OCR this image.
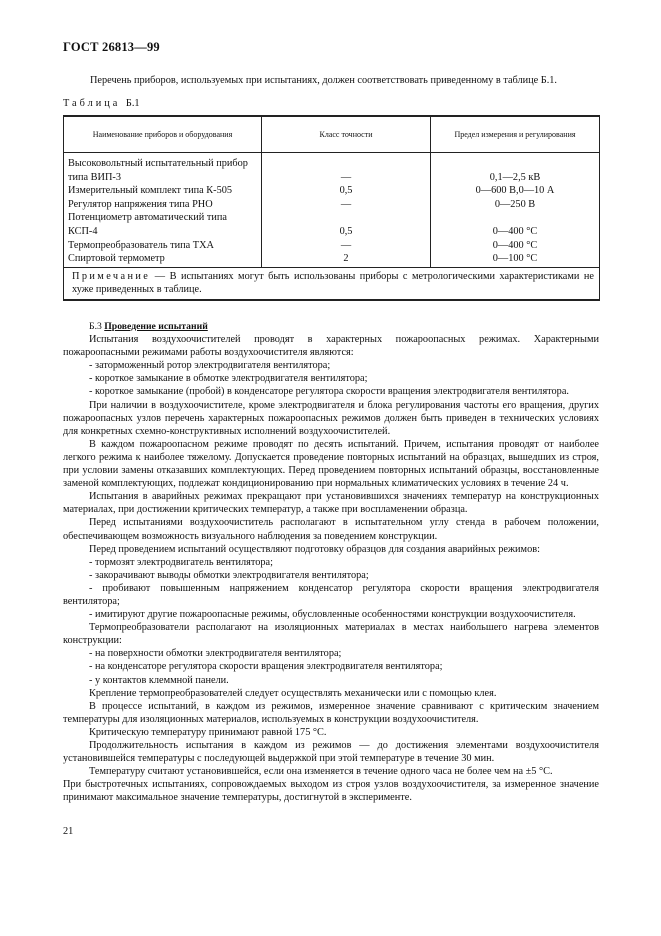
ГОСТ 26813—99
Перечень приборов, используемых при испытаниях, должен соответствовать приведенному в таблице Б.1.
Таблица Б.1
Наименование приборов и оборудования	Класс точности	Предел измерения и регулирования
Высоковольтный испытательный прибор типа ВИП-3	—	0,1—2,5 кВ
Измерительный комплект типа К-505	0,5	0—600 В,0—10 А
Регулятор напряжения типа РНО	—	0—250 В
Потенциометр автоматический типа КСП-4	0,5	0—400 °С
Термопреобразователь типа ТХА	—	0—400 °С
Спиртовой термометр	2	0—100 °С
Примечание — В испытаниях могут быть использованы приборы с метрологическими характеристиками не хуже приведенных в таблице.		

Б.3 Проведение испытаний

Испытания воздухоочистителей проводят в характерных пожароопасных режимах. Характерными пожароопасными режимами работы воздухоочистителя являются:

- заторможенный ротор электродвигателя вентилятора;

- короткое замыкание в обмотке электродвигателя вентилятора;

- короткое замыкание (пробой) в конденсаторе регулятора скорости вращения электродвигателя вентилятора.

При наличии в воздухоочистителе, кроме электродвигателя и блока регулирования частоты его вращения, других пожароопасных узлов перечень характерных пожароопасных режимов должен быть приведен в технических условиях для конкретных схемно-конструктивных исполнений воздухоочистителей.

В каждом пожароопасном режиме проводят по десять испытаний. Причем, испытания проводят от наиболее легкого режима к наиболее тяжелому. Допускается проведение повторных испытаний на образцах, вышедших из строя, при условии замены отказавших комплектующих. Перед проведением повторных испытаний образцы, восстановленные заменой комплектующих, подлежат кондиционированию при нормальных климатических условиях в течение 24 ч.

Испытания в аварийных режимах прекращают при установившихся значениях температур на конструкционных материалах, при достижении критических температур, а также при воспламенении образца.

Перед испытаниями воздухоочиститель располагают в испытательном углу стенда в рабочем положении, обеспечивающем возможность визуального наблюдения за поведением конструкции.

Перед проведением испытаний осуществляют подготовку образцов для создания аварийных режимов:

- тормозят электродвигатель вентилятора;

- закорачивают выводы обмотки электродвигателя вентилятора;

- пробивают повышенным напряжением конденсатор регулятора скорости вращения электродвигателя вентилятора;

- имитируют другие пожароопасные режимы, обусловленные особенностями конструкции воздухоочистителя.

Термопреобразователи располагают на изоляционных материалах в местах наибольшего нагрева элементов конструкции:

- на поверхности обмотки электродвигателя вентилятора;

- на конденсаторе регулятора скорости вращения электродвигателя вентилятора;

- у контактов клеммной панели.

Крепление термопреобразователей следует осуществлять механически или с помощью клея.

В процессе испытаний, в каждом из режимов, измеренное значение сравнивают с критическим значением температуры для изоляционных материалов, используемых в конструкции воздухоочистителя.

Критическую температуру принимают равной 175 °С.

Продолжительность испытания в каждом из режимов — до достижения элементами воздухоочистителя установившейся температуры с последующей выдержкой при этой температуре в течение 30 мин.

Температуру считают установившейся, если она изменяется в течение одного часа не более чем на ±5 °С.

При быстротечных испытаниях, сопровождаемых выходом из строя узлов воздухоочистителя, за измеренное значение принимают максимальное значение температуры, достигнутой в эксперименте.

21
